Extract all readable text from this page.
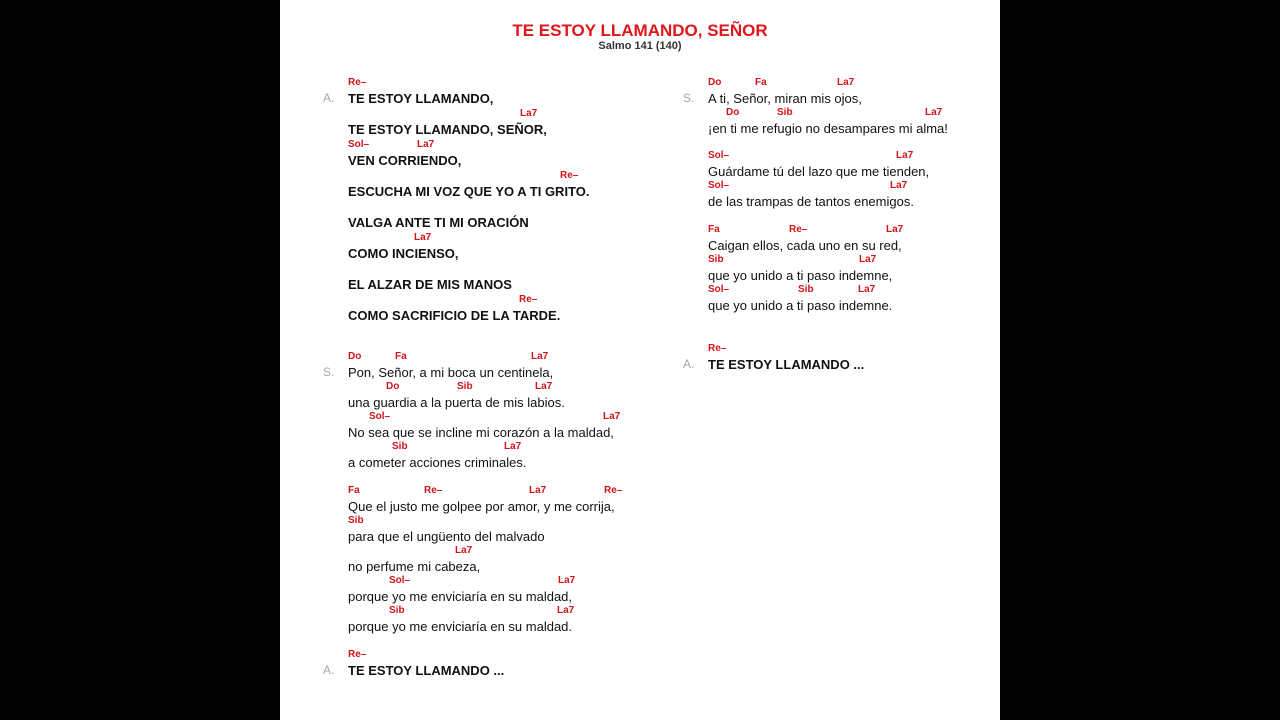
TE ESTOY LLAMANDO, SEÑOR
Salmo 141 (140)
A.
S.
A.
S.
A.
TE ESTOY LLAMANDO,
Re–
TE ESTOY LLAMANDO, SEÑOR,
La7
VEN CORRIENDO,
Sol–	La7
ESCUCHA MI VOZ QUE YO A TI GRITO.
Re–
VALGA ANTE TI MI ORACIÓN
COMO INCIENSO,
La7
EL ALZAR DE MIS MANOS
COMO SACRIFICIO DE LA TARDE.
Re–
Pon, Señor, a mi boca un centinela,
Do	Fa	La7
una guardia a la puerta de mis labios.
Do	Sib	La7
No sea que se incline mi corazón a la maldad,
Sol–	La7
a cometer acciones criminales.
Sib	La7
Que el justo me golpee por amor, y me corrija,
Fa	Re–	La7	Re–
para que el ungüento del malvado
Sib
no perfume mi cabeza,
La7
porque yo me enviciaría en su maldad,
Sol–	La7
porque yo me enviciaría en su maldad.
Sib	La7
TE ESTOY LLAMANDO ...
Re–
A ti, Señor, miran mis ojos,
Do	Fa	La7
¡en ti me refugio no desampares mi alma!
Do	Sib	La7
Guárdame tú del lazo que me tienden,
Sol–	La7
de las trampas de tantos enemigos.
Sol–	La7
Caigan ellos, cada uno en su red,
Fa	Re–	La7
que yo unido a ti paso indemne,
Sib	La7
que yo unido a ti paso indemne.
Sol–	Sib	La7
TE ESTOY LLAMANDO ...
Re–
